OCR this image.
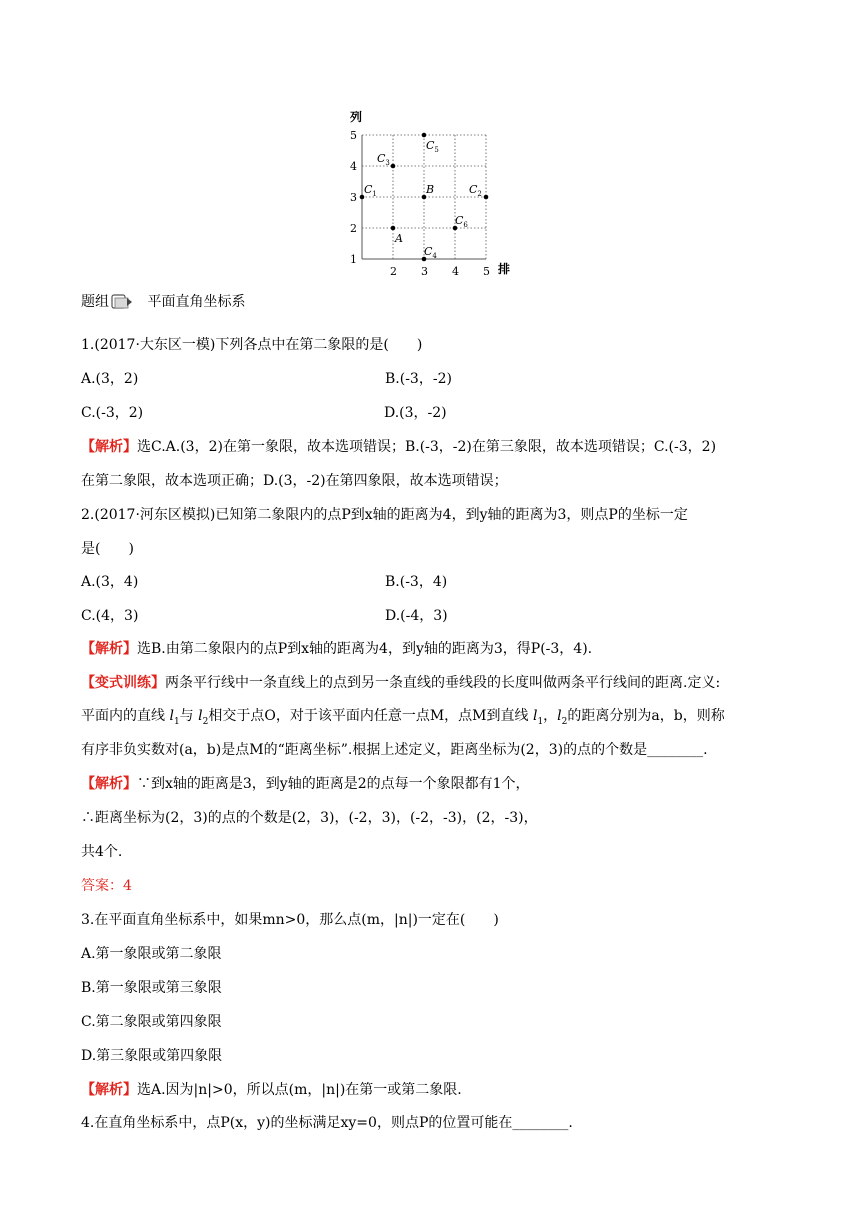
列
5
4
3
2
1
2 3 4 5
$C_5$
$C_3$
$C_1$	B	$C_2$
$C_6$
A
$C_4$
排
题组	平面直角坐标系
1.(2017·大东区一模)下列各点中在第二象限的是(　　)
A.(3，2)	B.(-3，-2)
C.(-3，2)	D.(3，-2)
【解析】选C.A.(3，2)在第一象限，故本选项错误；B.(-3，-2)在第三象限，故本选项错误；C.(-3，2)
在第二象限，故本选项正确；D.(3，-2)在第四象限，故本选项错误；
2.(2017·河东区模拟)已知第二象限内的点P到x轴的距离为4，到y轴的距离为3，则点P的坐标一定
是(　　)
A.(3，4)	B.(-3，4)
C.(4，3)	D.(-4，3)
【解析】选B.由第二象限内的点P到x轴的距离为4，到y轴的距离为3，得P(-3，4).
【变式训练】两条平行线中一条直线上的点到另一条直线的垂线段的长度叫做两条平行线间的距离.定义:
平面内的直线 $l_1$与 $l_2$相交于点O，对于该平面内任意一点M，点M到直线 $l_1$，$l_2$的距离分别为a，b，则称
有序非负实数对(a，b)是点M的“距离坐标”.根据上述定义，距离坐标为(2，3)的点的个数是________.
【解析】∵到x轴的距离是3，到y轴的距离是2的点每一个象限都有1个，
∴距离坐标为(2，3)的点的个数是(2，3)，(-2，3)，(-2，-3)，(2，-3)，
共4个.
答案：4
3.在平面直角坐标系中，如果mn>0，那么点(m，|n|)一定在(　　)
A.第一象限或第二象限
B.第一象限或第三象限
C.第二象限或第四象限
D.第三象限或第四象限
【解析】选A.因为|n|>0，所以点(m，|n|)在第一或第二象限.
4.在直角坐标系中，点P(x，y)的坐标满足xy=0，则点P的位置可能在________.
